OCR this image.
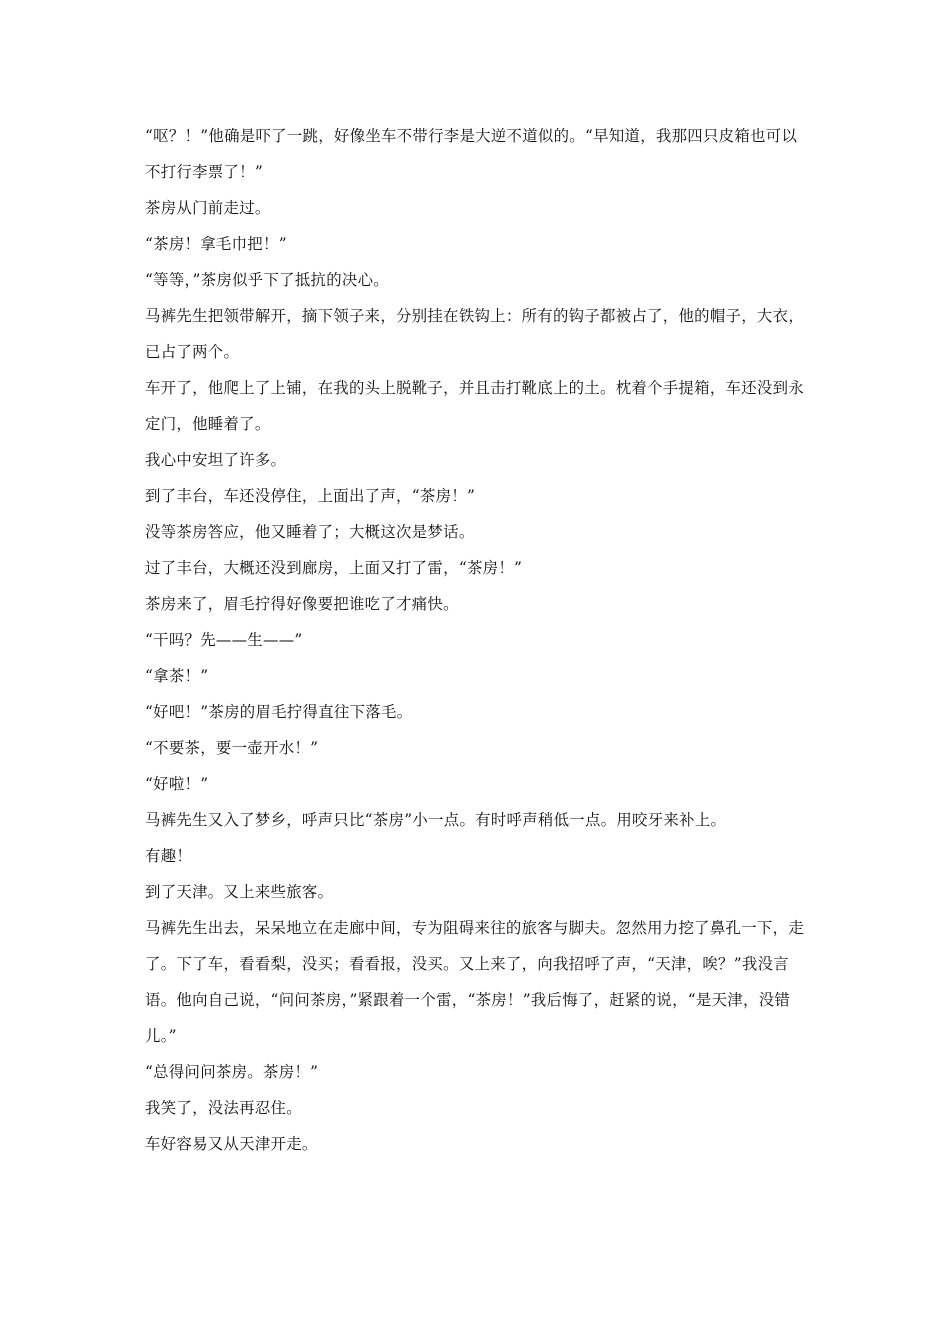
“呕？！”他确是吓了一跳，好像坐车不带行李是大逆不道似的。“早知道，我那四只皮箱也可以不打行李票了！”

茶房从门前走过。

“茶房！拿毛巾把！”

“等等，”茶房似乎下了抵抗的决心。

马裤先生把领带解开，摘下领子来，分别挂在铁钩上：所有的钩子都被占了，他的帽子，大衣，已占了两个。

车开了，他爬上了上铺，在我的头上脱靴子，并且击打靴底上的土。枕着个手提箱，车还没到永定门，他睡着了。

我心中安坦了许多。

到了丰台，车还没停住，上面出了声，“茶房！”

没等茶房答应，他又睡着了；大概这次是梦话。

过了丰台，大概还没到廊房，上面又打了雷，“茶房！”

茶房来了，眉毛拧得好像要把谁吃了才痛快。

“干吗？先——生——”

“拿茶！”

“好吧！”茶房的眉毛拧得直往下落毛。

“不要茶，要一壶开水！”

“好啦！”

马裤先生又入了梦乡，呼声只比“茶房”小一点。有时呼声稍低一点。用咬牙来补上。

有趣！

到了天津。又上来些旅客。

马裤先生出去，呆呆地立在走廊中间，专为阻碍来往的旅客与脚夫。忽然用力挖了鼻孔一下，走了。下了车，看看梨，没买；看看报，没买。又上来了，向我招呼了声，“天津，唉？”我没言语。他向自己说，“问问茶房，”紧跟着一个雷，“茶房！”我后悔了，赶紧的说，“是天津，没错儿。”

“总得问问茶房。茶房！”

我笑了，没法再忍住。

车好容易又从天津开走。
